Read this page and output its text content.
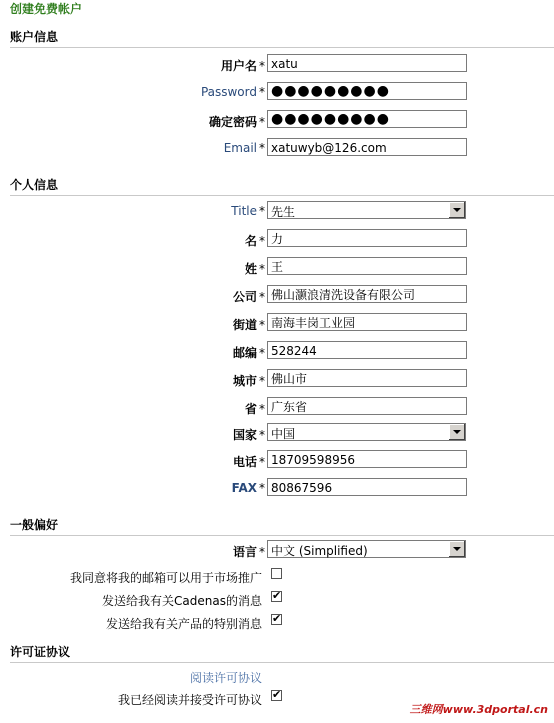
创建免费帐户
账户信息
用户名 * xatu
Password * ●●●●●●●●●
确定密码 * ●●●●●●●●●
Email * xatuwyb@126.com
个人信息
Title * 先生
名 * 力
姓 * 王
公司 * 佛山灏浪清洗设备有限公司
街道 * 南海丰岗工业园
邮编 * 528244
城市 * 佛山市
省 * 广东省
国家 * 中国
电话 * 18709598956
FAX * 80867596
一般偏好
语言 * 中文 (Simplified)
我同意将我的邮箱可以用于市场推广
发送给我有关Cadenas的消息
✔
发送给我有关产品的特别消息
✔
许可证协议
阅读许可协议
我已经阅读并接受许可协议
✔
三维网www.3dportal.cn
